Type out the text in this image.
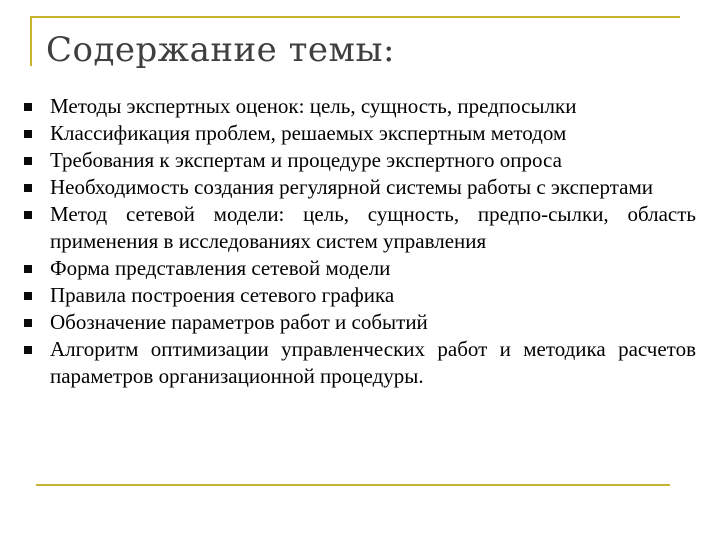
Содержание темы:
Методы экспертных оценок: цель, сущность, предпосылки
Классификация проблем, решаемых экспертным методом
Требования к экспертам и процедуре экспертного опроса
Необходимость создания регулярной системы работы с экспертами
Метод сетевой модели: цель, сущность, предпо-сылки, область применения в исследованиях систем управления
Форма представления сетевой модели
Правила построения сетевого графика
Обозначение параметров работ и событий
Алгоритм оптимизации управленческих работ и методика расчетов параметров организационной процедуры.
